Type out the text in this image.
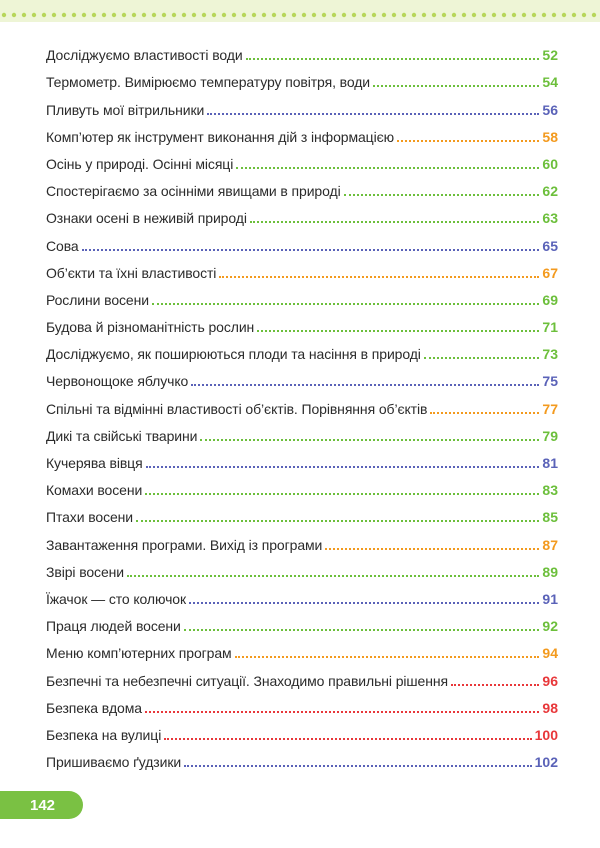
Досліджуємо властивості води	52
Термометр. Вимірюємо температуру повітря, води	54
Пливуть мої вітрильники	56
Комп’ютер як інструмент виконання дій з інформацією	58
Осінь у природі. Осінні місяці	60
Спостерігаємо за осінніми явищами в природі	62
Ознаки осені в неживій природі	63
Сова	65
Об’єкти та їхні властивості	67
Рослини восени	69
Будова й різноманітність рослин	71
Досліджуємо, як поширюються плоди та насіння в природі	73
Червонощоке яблучко	75
Спільні та відмінні властивості об’єктів. Порівняння об’єктів	77
Дикі та свійські тварини	79
Кучерява вівця	81
Комахи восени	83
Птахи восени	85
Завантаження програми. Вихід із програми	87
Звірі восени	89
Їжачок — сто колючок	91
Праця людей восени	92
Меню комп’ютерних програм	94
Безпечні та небезпечні ситуації. Знаходимо правильні рішення	96
Безпека вдома	98
Безпека на вулиці	100
Пришиваємо ґудзики	102
142
